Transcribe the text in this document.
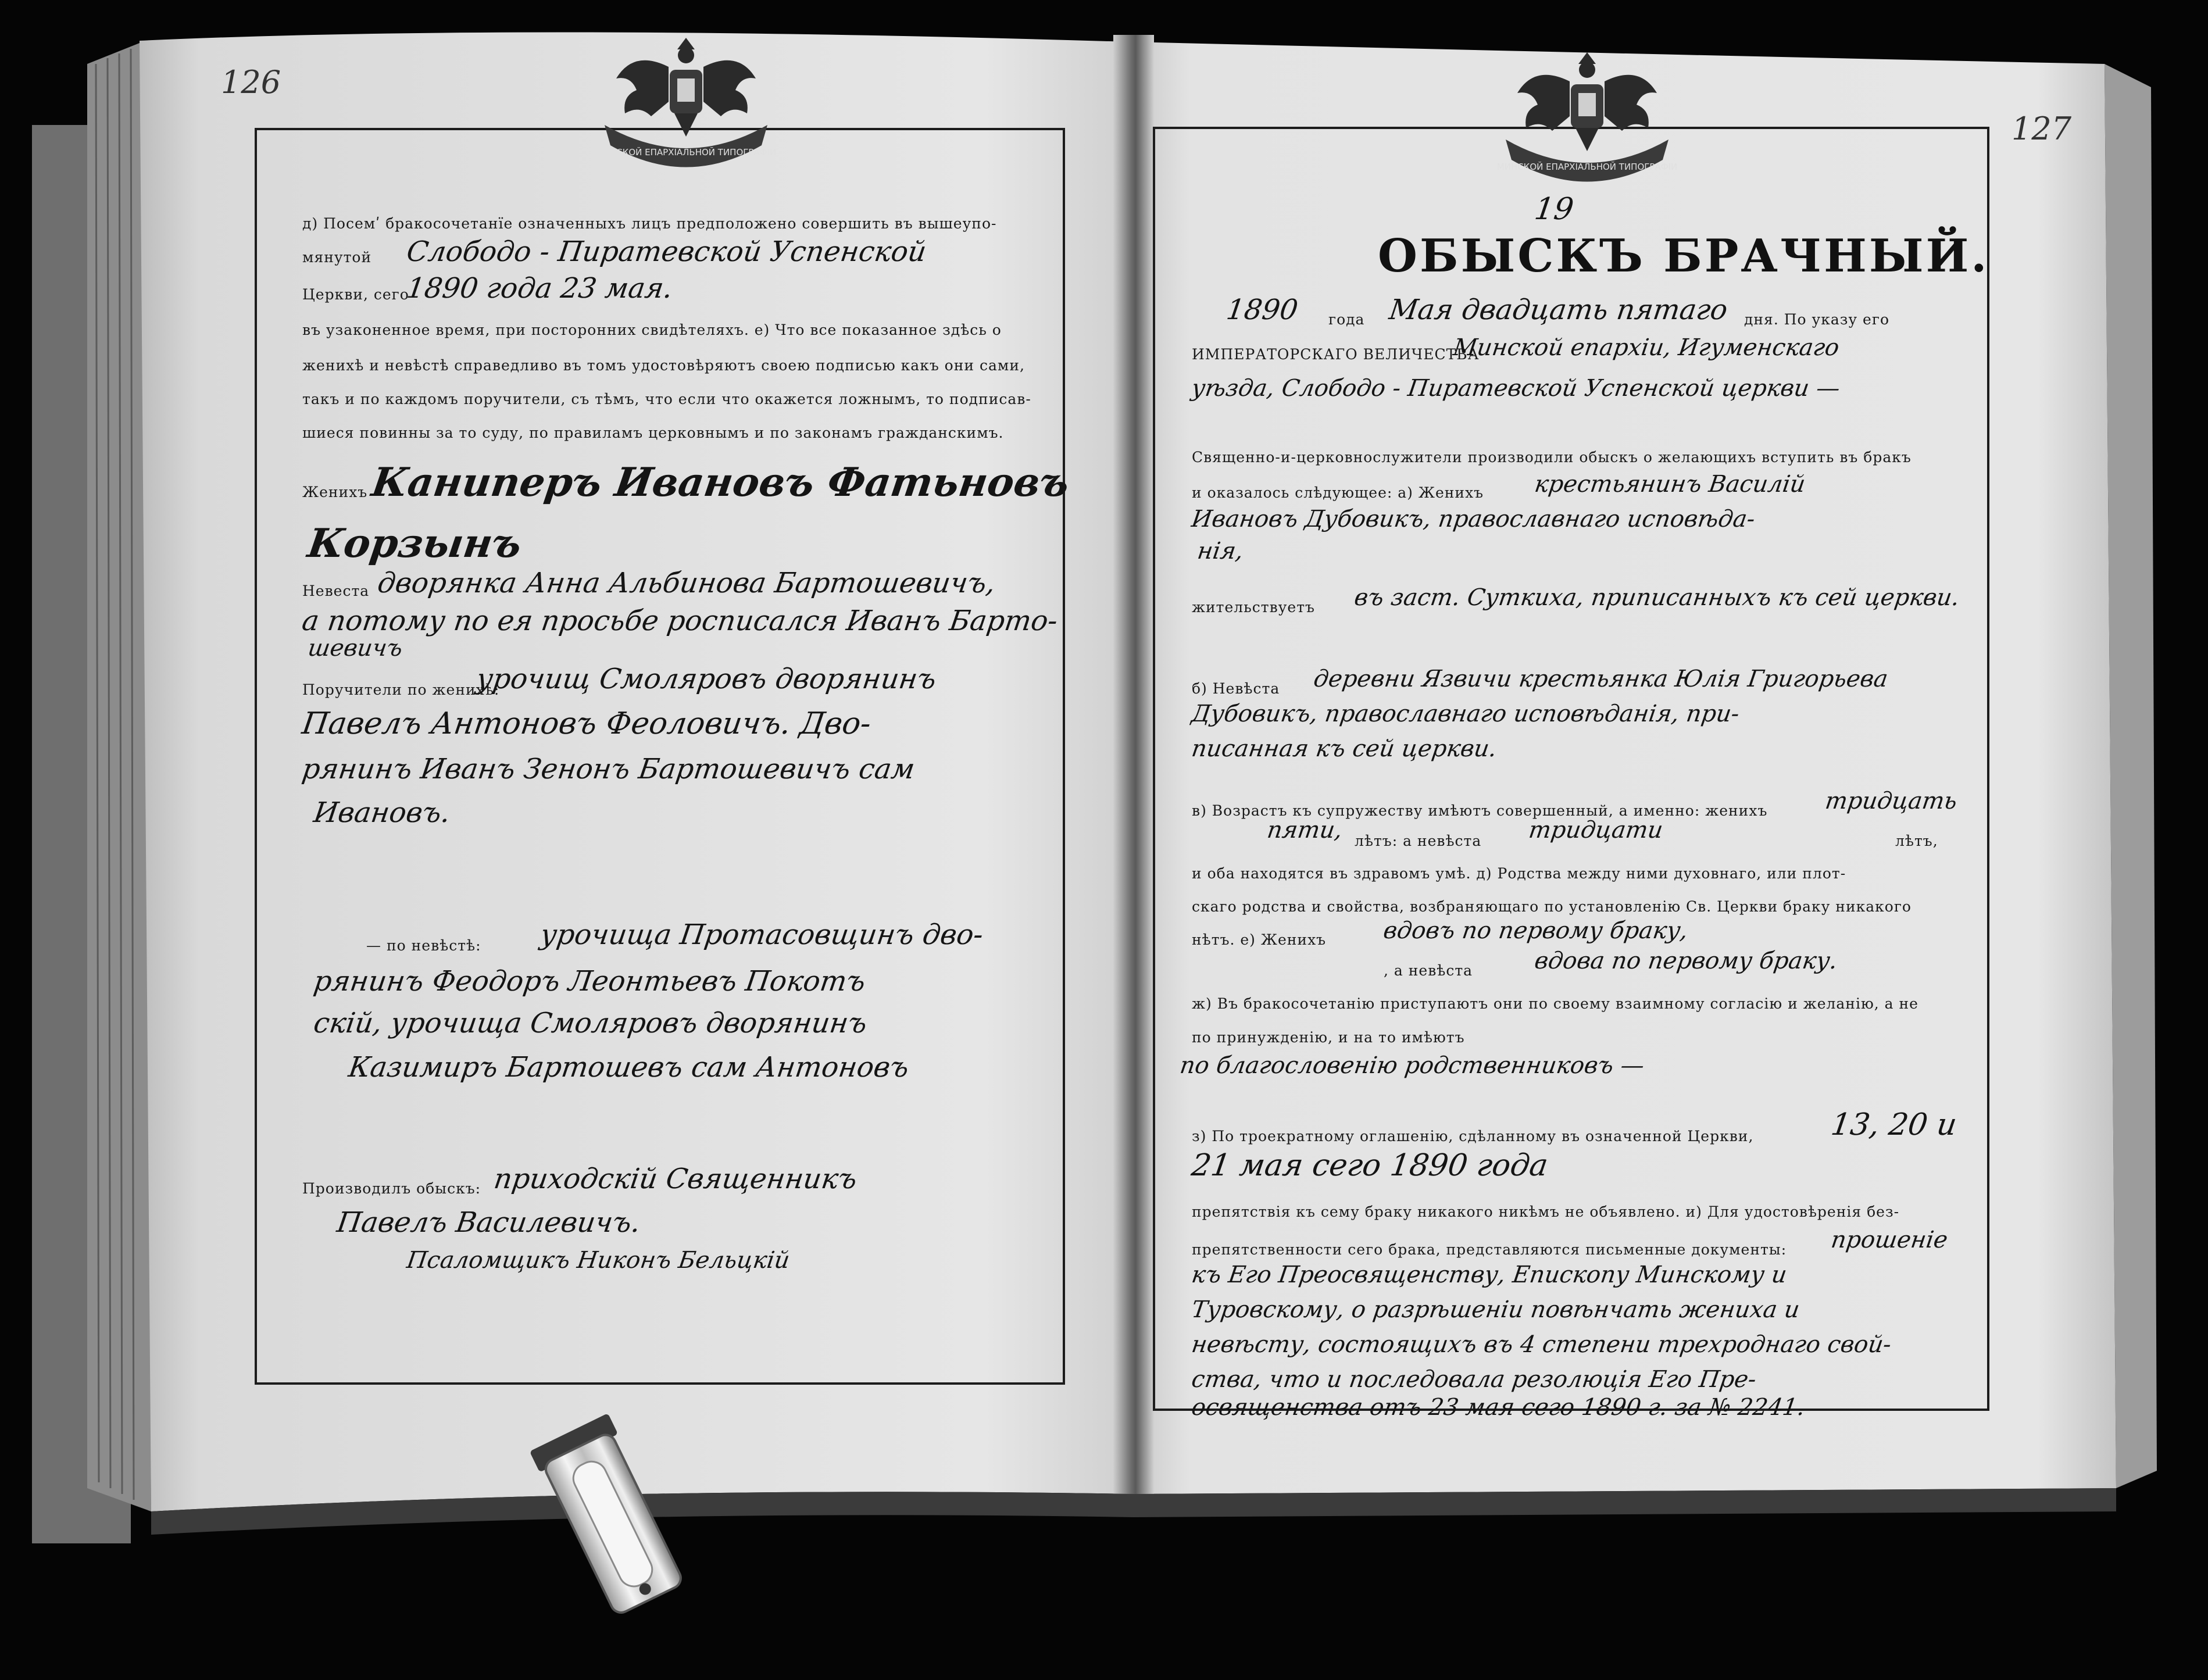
МИНСКОЙ ЕПАРХІАЛЬНОЙ ТИПОГРАФІИ
МИНСКОЙ ЕПАРХІАЛЬНОЙ ТИПОГРАФІИ
126
д) Посемʹ бракосочетанїе означенныхъ лицъ предположено совершить въ вышеупо-
мянутой Слободо - Пиратевской Успенской
Церкви, сего
1890 года 23 мая.
въ узаконенное время, при посторонних свидѣтеляхъ. е) Что все показанное здѣсь о
женихѣ и невѣстѣ справедливо въ томъ удостовѣряютъ своею подписью какъ они сами,
такъ и по каждомъ поручители, съ тѣмъ, что если что окажется ложнымъ, то подписав-
шиеся повинны за то суду, по правиламъ церковнымъ и по законамъ гражданскимъ.
Женихъ Каниперъ Ивановъ Фатьновъ
Корзынъ
Невеста дворянка Анна Альбинова Бартошевичъ,
а потому по ея просьбе росписался Иванъ Барто-
шевичъ
Поручители по женихѣ:
урочищ Смоляровъ дворянинъ
Павелъ Антоновъ Феоловичъ. Дво-
рянинъ Иванъ Зенонъ Бартошевичъ сам
Ивановъ.
— по невѣстѣ: урочища Протасовщинъ дво-
рянинъ Феодоръ Леонтьевъ Покотъ
скій, урочища Смоляровъ дворянинъ
Казимиръ Бартошевъ сам Антоновъ
Производилъ обыскъ: приходскій Священникъ
Павелъ Василевичъ.
Псаломщикъ Никонъ Бельцкій
127
19
ОБЫСКЪ БРАЧНЫЙ.
1890 года Мая двадцать пятаго дня. По указу его
ИМПЕРАТОРСКАГО ВЕЛИЧЕСТВА
Минской епархіи, Игуменскаго
уѣзда, Слободо - Пиратевской Успенской церкви —
Священно-и-церковнослужители производили обыскъ о желающихъ вступить въ бракъ
и оказалось слѣдующее: а) Женихъ крестьянинъ Василій
Ивановъ Дубовикъ, православнаго исповѣда-
нія,
жительствуетъ въ заст. Суткиха, приписанныхъ къ сей церкви.
б) Невѣста деревни Язвичи крестьянка Юлія Григорьева
Дубовикъ, православнаго исповѣданія, при-
писанная къ сей церкви.
в) Возрастъ къ супружеству имѣютъ совершенный, а именно: женихъ тридцать
пяти, лѣтъ: а невѣста тридцати	лѣтъ,
и оба находятся въ здравомъ умѣ. д) Родства между ними духовнаго, или плот-
скаго родства и свойства, возбраняющаго по установленію Св. Церкви браку никакого
нѣтъ. е) Женихъ вдовъ по первому браку,
, а невѣста	вдова по первому браку.
ж) Въ бракосочетанію приступаютъ они по своему взаимному согласію и желанію, а не
по принужденію, и на то имѣютъ
по благословенію родственниковъ —
з) По троекратному оглашенію, сдѣланному въ означенной Церкви, 13, 20 и
21 мая сего 1890 года
препятствія къ сему браку никакого никѣмъ не объявлено. и) Для удостовѣренія без-
препятственности сего брака, представляются письменные документы: прошеніе
къ Его Преосвященству, Епископу Минскому и
Туровскому, о разрѣшеніи повѣнчать жениха и
невѣсту, состоящихъ въ 4 степени трехроднаго свой-
ства, что и последовала резолюція Его Пре-
освященства отъ 23 мая сего 1890 г. за № 2241.
